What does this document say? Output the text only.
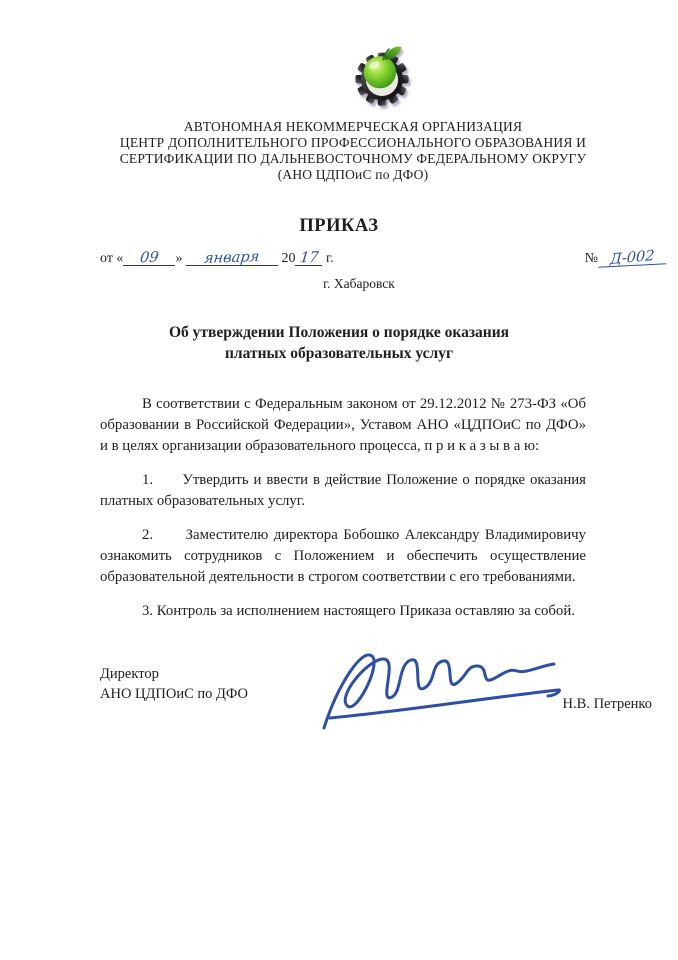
АВТОНОМНАЯ НЕКОММЕРЧЕСКАЯ ОРГАНИЗАЦИЯ
ЦЕНТР ДОПОЛНИТЕЛЬНОГО ПРОФЕССИОНАЛЬНОГО ОБРАЗОВАНИЯ И
СЕРТИФИКАЦИИ ПО ДАЛЬНЕВОСТОЧНОМУ ФЕДЕРАЛЬНОМУ ОКРУГУ
(АНО ЦДПОиС по ДФО)
ПРИКАЗ
от « 09 » января 20 17 г.	№ Д-002
г. Хабаровск
Об утверждении Положения о порядке оказания
платных образовательных услуг

В соответствии с Федеральным законом от 29.12.2012 № 273-ФЗ «Об образовании в Российской Федерации», Уставом АНО «ЦДПОиС по ДФО» и в целях организации образовательного процесса, п р и к а з ы в а ю:

1.      Утвердить и ввести в действие Положение о порядке оказания платных образовательных услуг.

2.      Заместителю директора Бобошко Александру Владимировичу ознакомить сотрудников с Положением и обеспечить осуществление образовательной деятельности в строгом соответствии с его требованиями.

3. Контроль за исполнением настоящего Приказа оставляю за собой.

Директор
АНО ЦДПОиС по ДФО
Н.В. Петренко
